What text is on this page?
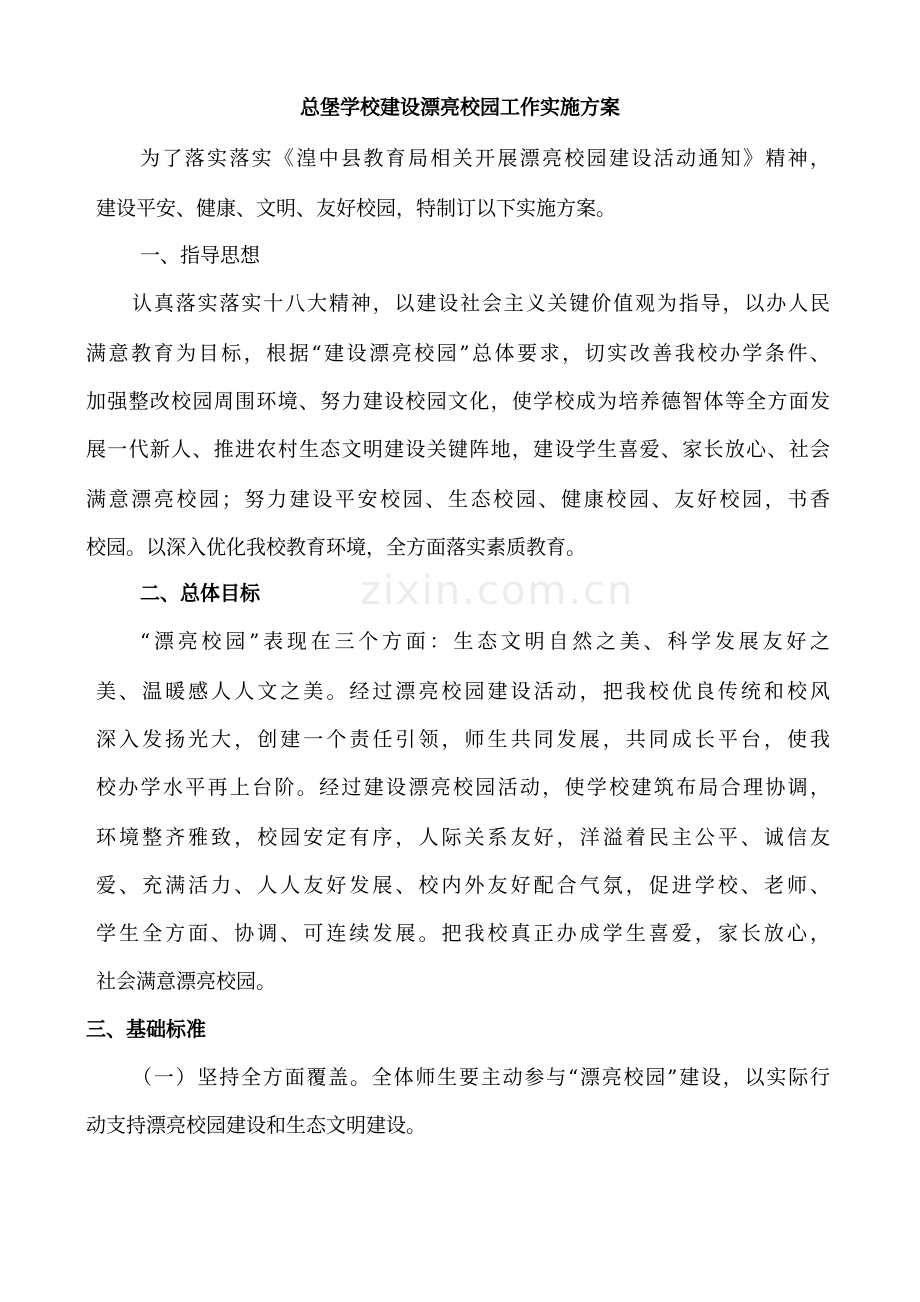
zixin.com.cn
总堡学校建设漂亮校园工作实施方案
为了落实落实《湟中县教育局相关开展漂亮校园建设活动通知》精神，
建设平安、健康、文明、友好校园，特制订以下实施方案。
一、指导思想
认真落实落实十八大精神，以建设社会主义关键价值观为指导，以办人民
满意教育为目标，根据“建设漂亮校园”总体要求，切实改善我校办学条件、
加强整改校园周围环境、努力建设校园文化，使学校成为培养德智体等全方面发
展一代新人、推进农村生态文明建设关键阵地，建设学生喜爱、家长放心、社会
满意漂亮校园；努力建设平安校园、生态校园、健康校园、友好校园，书香
校园。以深入优化我校教育环境，全方面落实素质教育。
二、总体目标
“漂亮校园”表现在三个方面：生态文明自然之美、科学发展友好之
美、温暖感人人文之美。经过漂亮校园建设活动，把我校优良传统和校风
深入发扬光大，创建一个责任引领，师生共同发展，共同成长平台，使我
校办学水平再上台阶。经过建设漂亮校园活动，使学校建筑布局合理协调，
环境整齐雅致，校园安定有序，人际关系友好，洋溢着民主公平、诚信友
爱、充满活力、人人友好发展、校内外友好配合气氛，促进学校、老师、
学生全方面、协调、可连续发展。把我校真正办成学生喜爱，家长放心，
社会满意漂亮校园。
三、基础标准
（一）坚持全方面覆盖。全体师生要主动参与“漂亮校园”建设，以实际行
动支持漂亮校园建设和生态文明建设。
